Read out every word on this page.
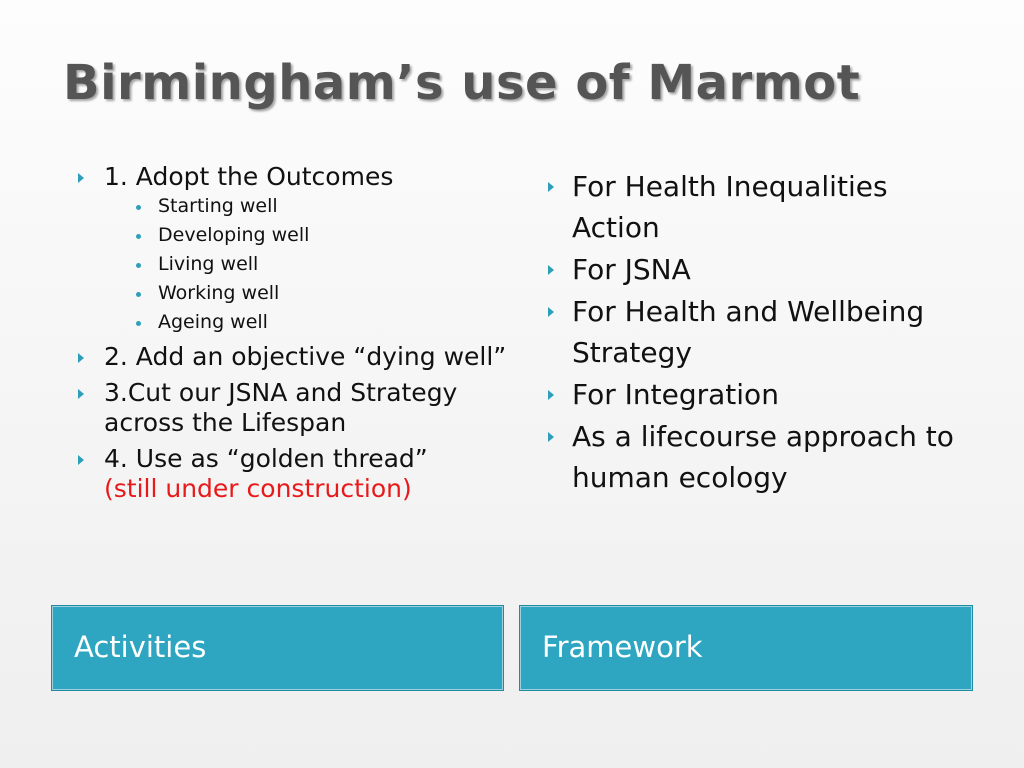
Birmingham’s use of Marmot
1. Adopt the Outcomes
Starting well
Developing well
Living well
Working well
Ageing well
2. Add an objective “dying well”
3.Cut our JSNA and Strategy across the Lifespan
4. Use as “golden thread”
(still under construction)
For Health Inequalities Action
For JSNA
For Health and Wellbeing Strategy
For Integration
As a lifecourse approach to human ecology
Activities	Framework
